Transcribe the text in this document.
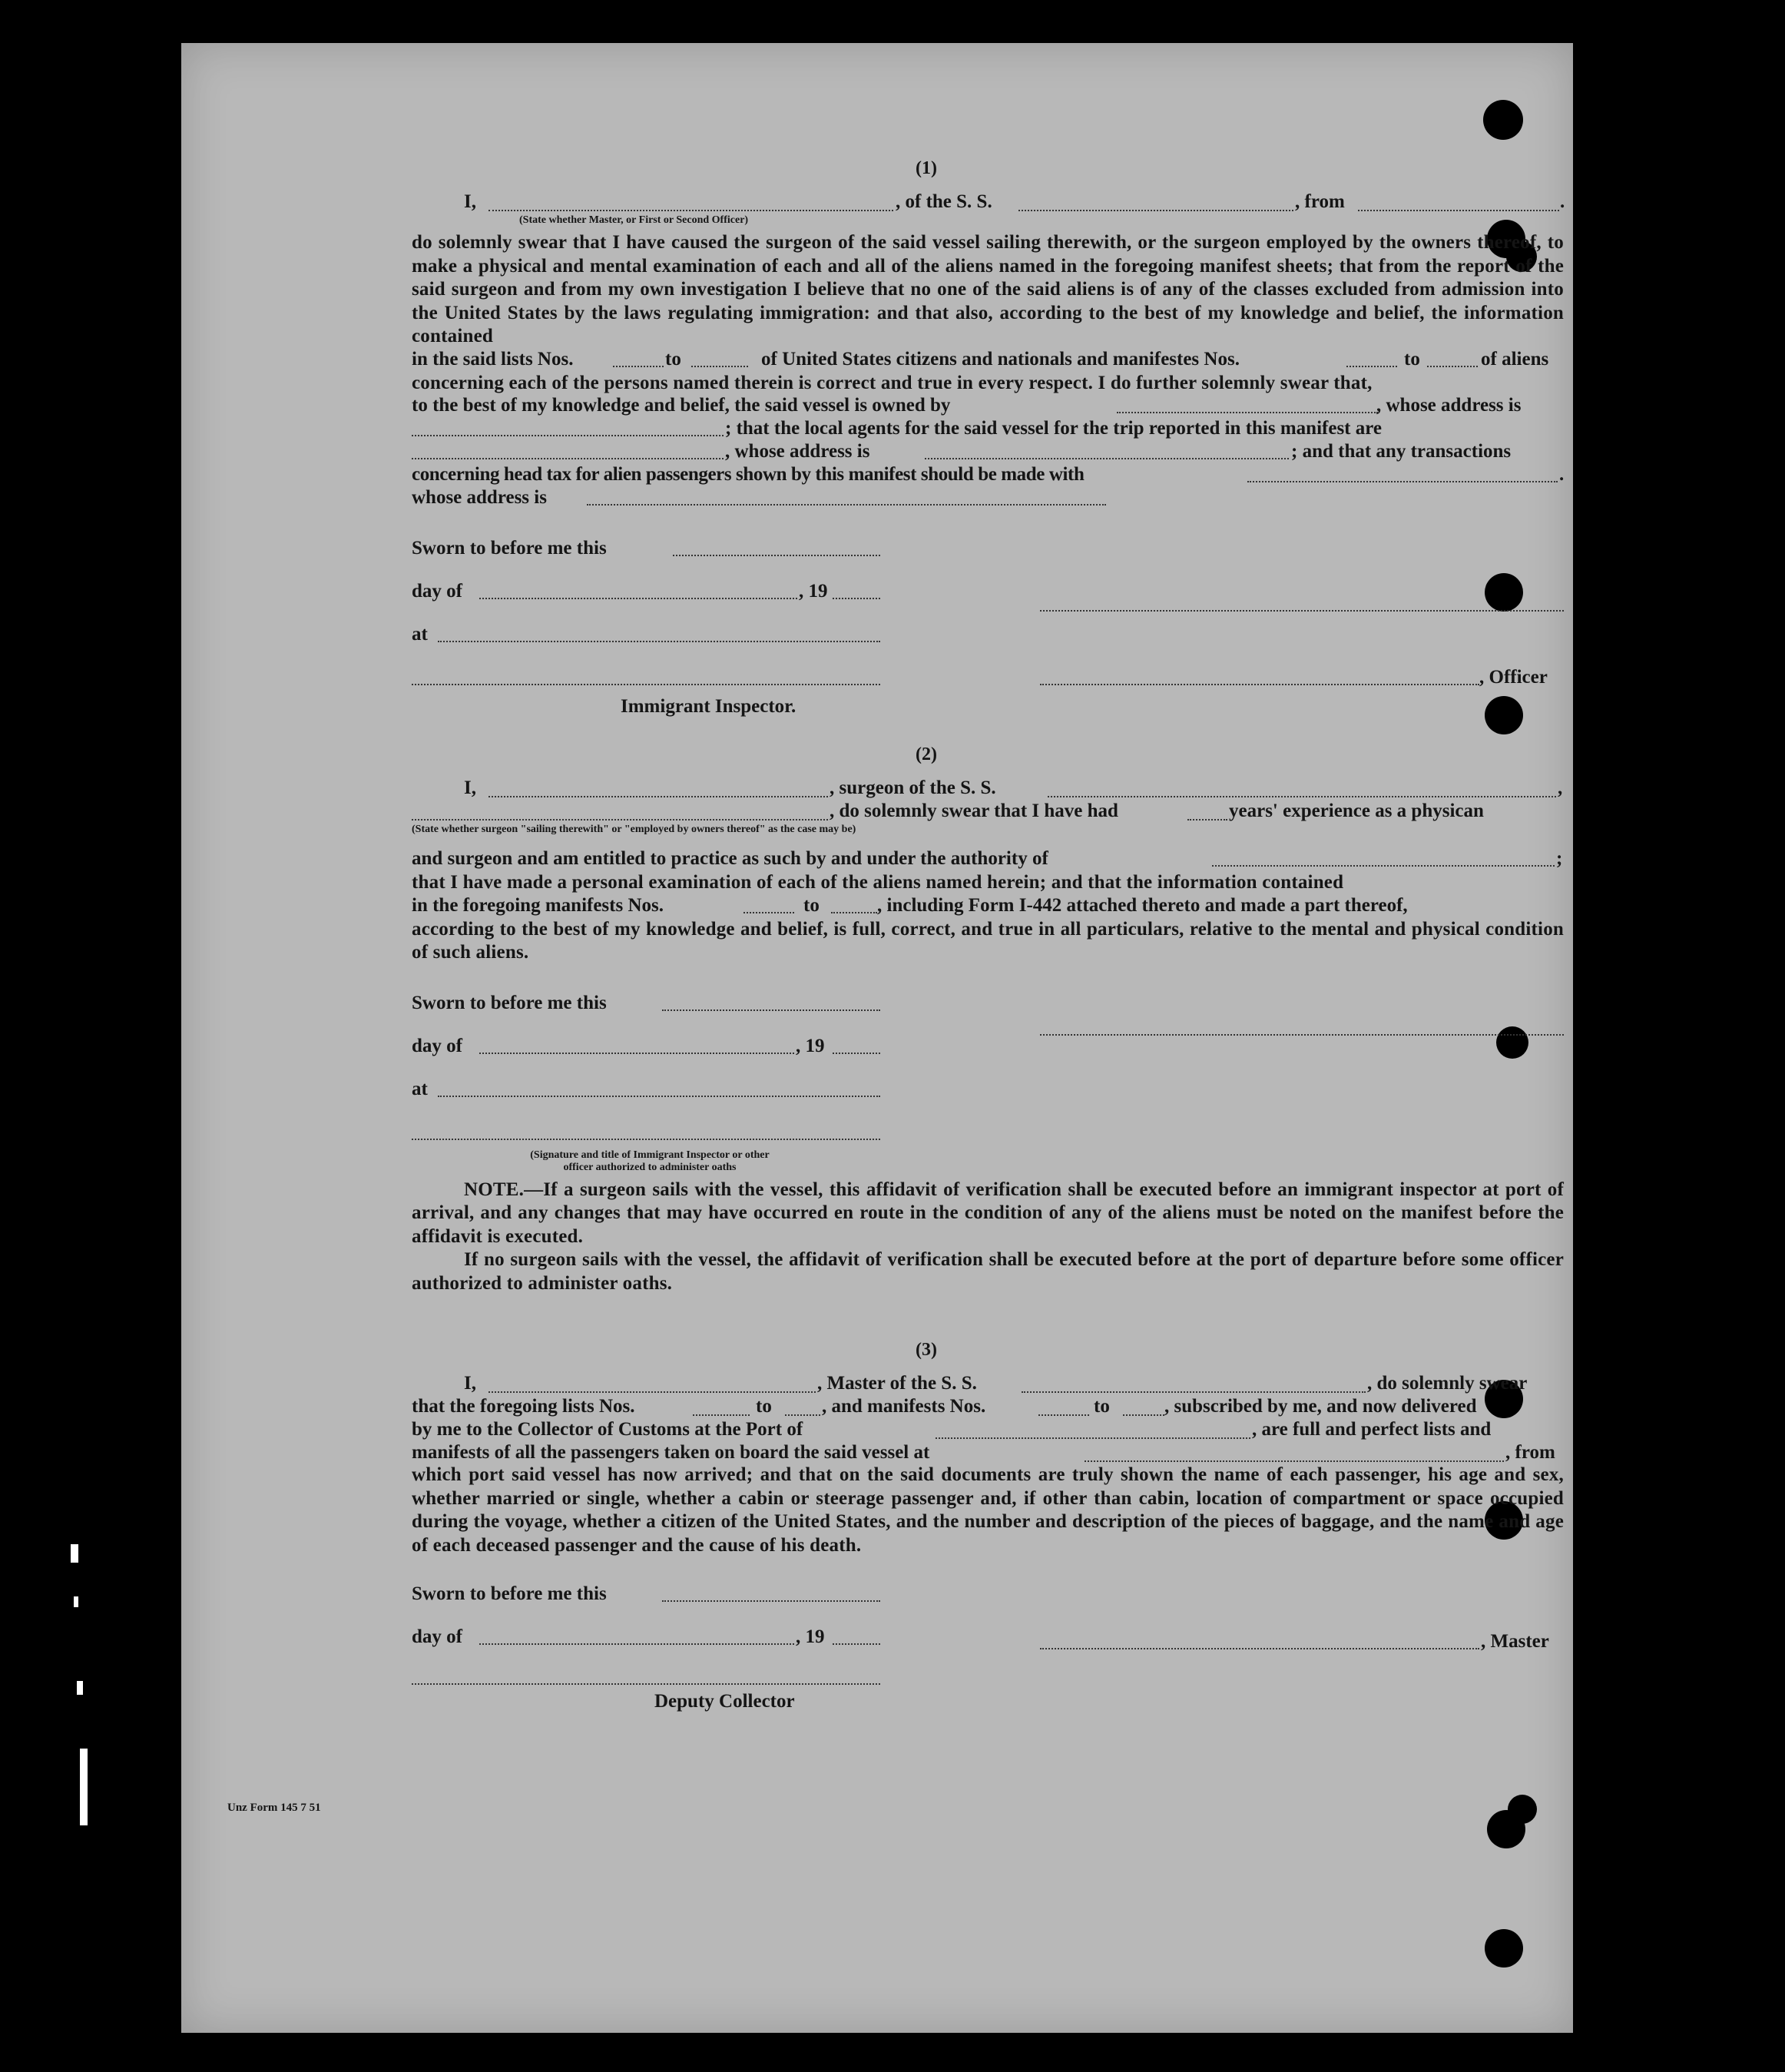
(1)
I,	, of the S. S.	, from	.
(State whether Master, or First or Second Officer)

do solemnly swear that I have caused the surgeon of the said vessel sailing therewith, or the surgeon employed by the owners thereof, to make a physical and mental examination of each and all of the aliens named in the foregoing manifest sheets; that from the report of the said surgeon and from my own investigation I believe that no one of the said aliens is of any of the classes excluded from admission into the United States by the laws regulating immigration: and that also, according to the best of my knowledge and belief, the information contained

in the said lists Nos.	to	of United States citizens and nationals and manifestes Nos.	to	of aliens

concerning each of the persons named therein is correct and true in every respect. I do further solemnly swear that,

to the best of my knowledge and belief, the said vessel is owned by	, whose address is
; that the local agents for the said vessel for the trip reported in this manifest are
, whose address is	; and that any transactions
concerning head tax for alien passengers shown by this manifest should be made with	.
whose address is
Sworn to before me this
day of	, 19
at
, Officer
Immigrant Inspector.
(2)
I,	, surgeon of the S. S.	,
, do solemnly swear that I have had	years' experience as a physican
(State whether surgeon "sailing therewith" or "employed by owners thereof" as the case may be)
and surgeon and am entitled to practice as such by and under the authority of	;

that I have made a personal examination of each of the aliens named herein; and that the information contained

in the foregoing manifests Nos.	to	, including Form I-442 attached thereto and made a part thereof,

according to the best of my knowledge and belief, is full, correct, and true in all particulars, relative to the mental and physical condition of such aliens.

Sworn to before me this
day of	, 19
at
(Signature and title of Immigrant Inspector or other
officer authorized to administer oaths

NOTE.—If a surgeon sails with the vessel, this affidavit of verification shall be executed before an immigrant inspector at port of arrival, and any changes that may have occurred en route in the condition of any of the aliens must be noted on the manifest before the affidavit is executed.

If no surgeon sails with the vessel, the affidavit of verification shall be executed before at the port of departure before some officer authorized to administer oaths.

(3)
I,	, Master of the S. S.	, do solemnly swear
that the foregoing lists Nos.	to	, and manifests Nos.	to	, subscribed by me, and now delivered
by me to the Collector of Customs at the Port of	, are full and perfect lists and
manifests of all the passengers taken on board the said vessel at	, from

which port said vessel has now arrived; and that on the said documents are truly shown the name of each passenger, his age and sex, whether married or single, whether a cabin or steerage passenger and, if other than cabin, location of compartment or space occupied during the voyage, whether a citizen of the United States, and the number and description of the pieces of baggage, and the name and age of each deceased passenger and the cause of his death.

Sworn to before me this
day of	, 19	, Master
Deputy Collector
Unz Form 145 7 51
